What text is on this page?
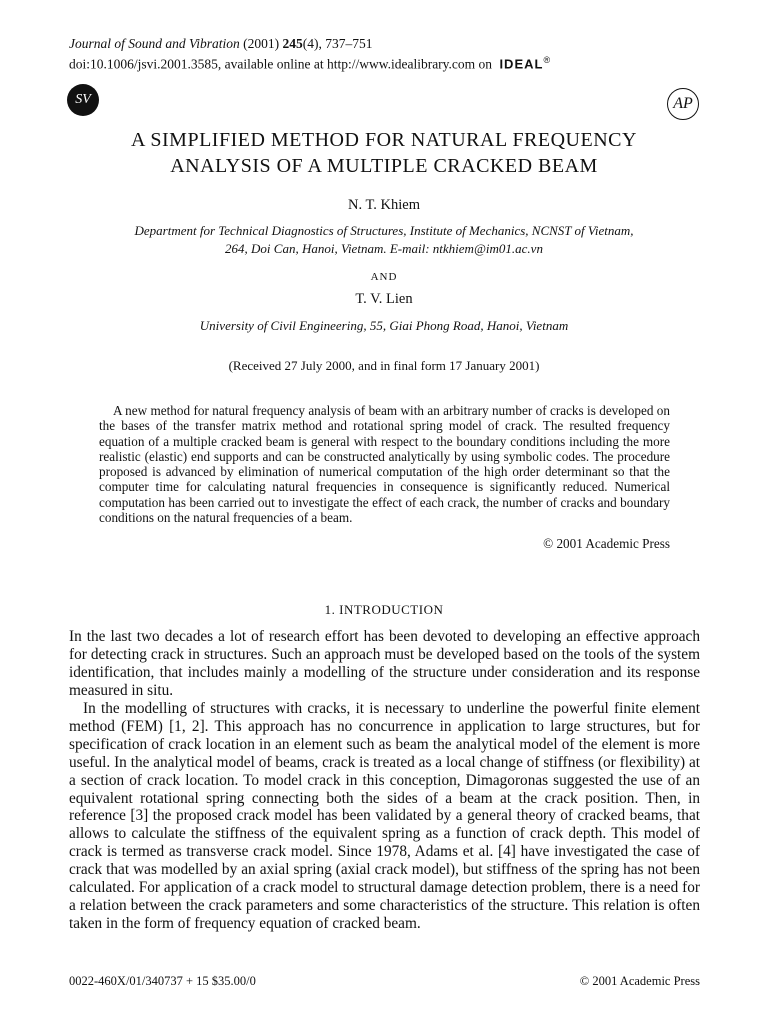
Journal of Sound and Vibration (2001) 245(4), 737–751
doi:10.1006/jsvi.2001.3585, available online at http://www.idealibrary.com on IDEAL®
SV	AP
A SIMPLIFIED METHOD FOR NATURAL FREQUENCY
ANALYSIS OF A MULTIPLE CRACKED BEAM
N. T. Khiem
Department for Technical Diagnostics of Structures, Institute of Mechanics, NCNST of Vietnam,
264, Doi Can, Hanoi, Vietnam. E-mail: ntkhiem@im01.ac.vn
AND
T. V. Lien
University of Civil Engineering, 55, Giai Phong Road, Hanoi, Vietnam
(Received 27 July 2000, and in final form 17 January 2001)

A new method for natural frequency analysis of beam with an arbitrary number of cracks is developed on the bases of the transfer matrix method and rotational spring model of crack. The resulted frequency equation of a multiple cracked beam is general with respect to the boundary conditions including the more realistic (elastic) end supports and can be constructed analytically by using symbolic codes. The procedure proposed is advanced by elimination of numerical computation of the high order determinant so that the computer time for calculating natural frequencies in consequence is significantly reduced. Numerical computation has been carried out to investigate the effect of each crack, the number of cracks and boundary conditions on the natural frequencies of a beam.

© 2001 Academic Press
1. INTRODUCTION

In the last two decades a lot of research effort has been devoted to developing an effective approach for detecting crack in structures. Such an approach must be developed based on the tools of the system identification, that includes mainly a modelling of the structure under consideration and its response measured in situ.

In the modelling of structures with cracks, it is necessary to underline the powerful finite element method (FEM) [1, 2]. This approach has no concurrence in application to large structures, but for specification of crack location in an element such as beam the analytical model of the element is more useful. In the analytical model of beams, crack is treated as a local change of stiffness (or flexibility) at a section of crack location. To model crack in this conception, Dimagoronas suggested the use of an equivalent rotational spring connecting both the sides of a beam at the crack position. Then, in reference [3] the proposed crack model has been validated by a general theory of cracked beams, that allows to calculate the stiffness of the equivalent spring as a function of crack depth. This model of crack is termed as transverse crack model. Since 1978, Adams et al. [4] have investigated the case of crack that was modelled by an axial spring (axial crack model), but stiffness of the spring has not been calculated. For application of a crack model to structural damage detection problem, there is a need for a relation between the crack parameters and some characteristics of the structure. This relation is often taken in the form of frequency equation of cracked beam.

0022-460X/01/340737 + 15 $35.00/0	© 2001 Academic Press
